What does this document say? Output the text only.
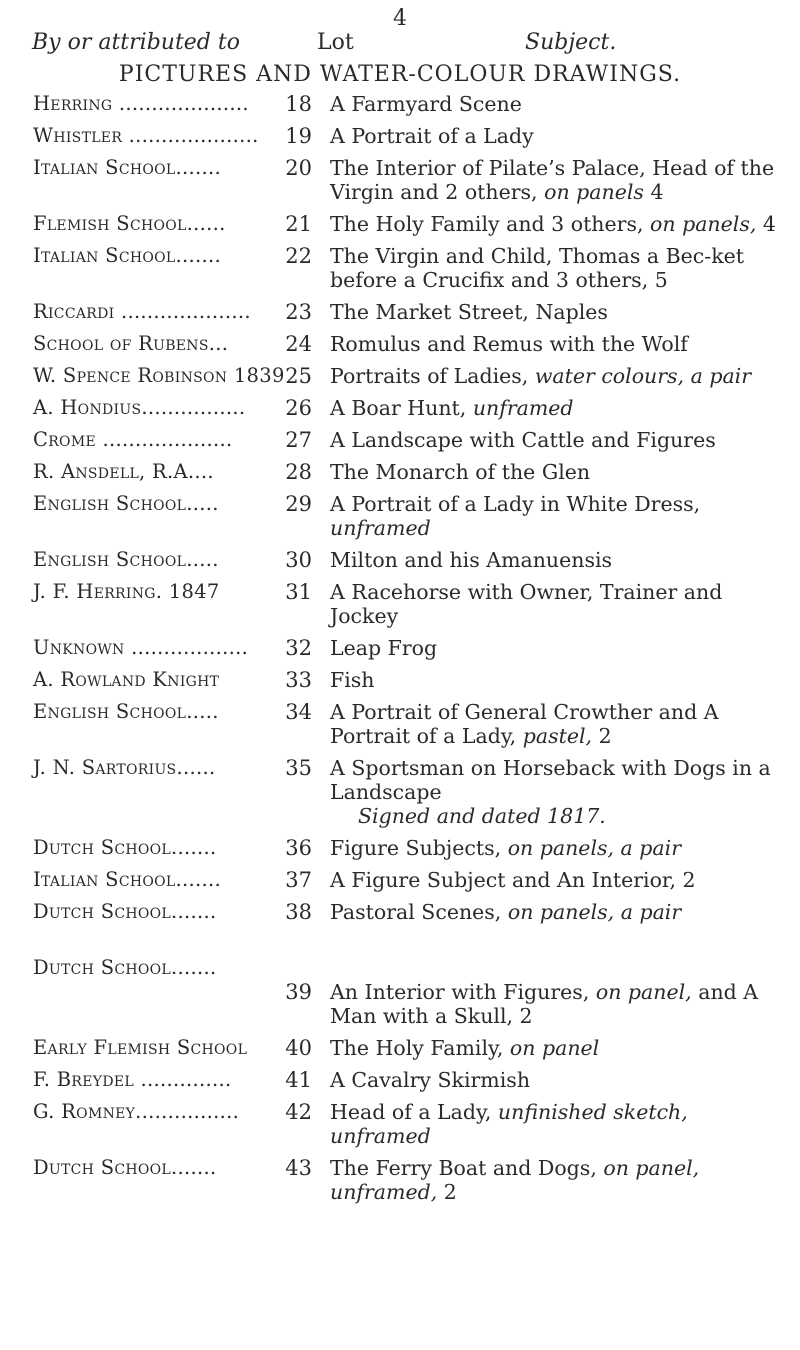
4
By or attributed to	Lot	Subject.
PICTURES AND WATER-COLOUR DRAWINGS.
Herring ....................	18 A Farmyard Scene
Whistler ....................	19 A Portrait of a Lady
Italian School.......	20 The Interior of Pilate’s Palace, Head of the Virgin and 2 others, on panels 4
Flemish School......	21 The Holy Family and 3 others, on panels, 4
Italian School.......	22 The Virgin and Child, Thomas a Bec-ket before a Crucifix and 3 others, 5
Riccardi ....................	23 The Market Street, Naples
School of Rubens...	24 Romulus and Remus with the Wolf
W. Spence Robinson 1839 25 Portraits of Ladies, water colours, a pair
A. Hondius................	26 A Boar Hunt, unframed
Crome ....................	27 A Landscape with Cattle and Figures
R. Ansdell, R.A....	28 The Monarch of the Glen
English School.....	29 A Portrait of a Lady in White Dress, unframed
English School.....	30 Milton and his Amanuensis
J. F. Herring. 1847	31 A Racehorse with Owner, Trainer and Jockey
Unknown ..................	32 Leap Frog
A. Rowland Knight	33 Fish
English School.....	34 A Portrait of General Crowther and A Portrait of a Lady, pastel, 2
J. N. Sartorius......	35 A Sportsman on Horseback with Dogs in a Landscape
Signed and dated 1817.
Dutch School.......	36 Figure Subjects, on panels, a pair
Italian School.......	37 A Figure Subject and An Interior, 2
Dutch School.......	38 Pastoral Scenes, on panels, a pair
Dutch School.......
39 An Interior with Figures, on panel, and A Man with a Skull, 2
Early Flemish School	40 The Holy Family, on panel
F. Breydel ..............	41 A Cavalry Skirmish
G. Romney................	42 Head of a Lady, unfinished sketch, unframed
Dutch School.......	43 The Ferry Boat and Dogs, on panel, unframed, 2
